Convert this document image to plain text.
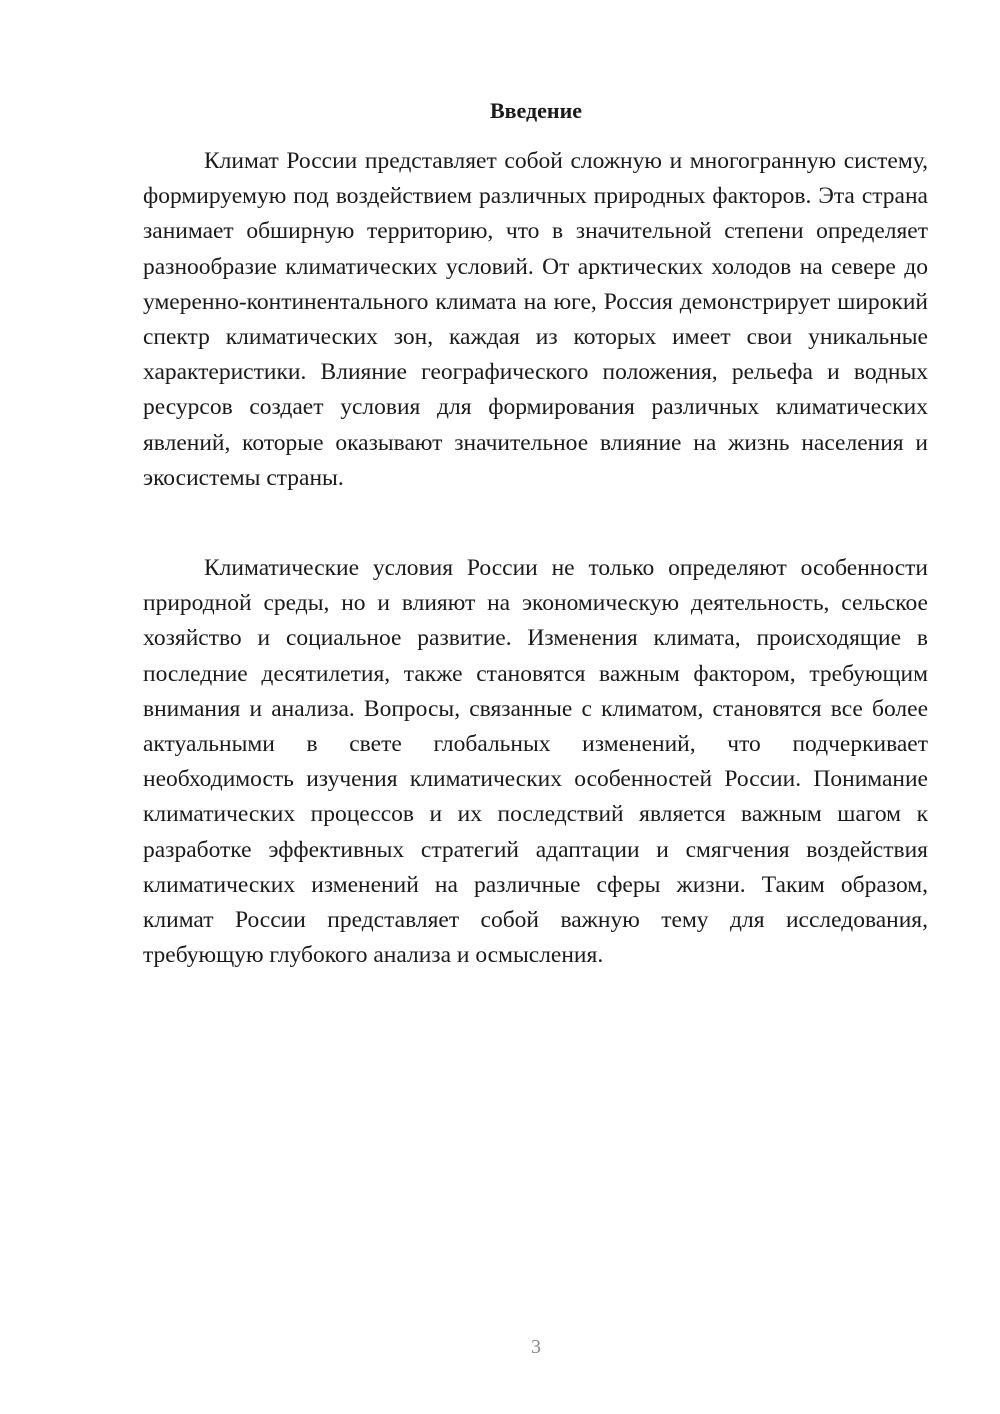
Введение

Климат России представляет собой сложную и многогранную систему, формируемую под воздействием различных природных факторов. Эта страна занимает обширную территорию, что в значительной степени определяет разнообразие климатических условий. От арктических холодов на севере до умеренно-континентального климата на юге, Россия демонстрирует широкий спектр климатических зон, каждая из которых имеет свои уникальные характеристики. Влияние географического положения, рельефа и водных ресурсов создает условия для формирования различных климатических явлений, которые оказывают значительное влияние на жизнь населения и экосистемы страны.

Климатические условия России не только определяют особенности природной среды, но и влияют на экономическую деятельность, сельское хозяйство и социальное развитие. Изменения климата, происходящие в последние десятилетия, также становятся важным фактором, требующим внимания и анализа. Вопросы, связанные с климатом, становятся все более актуальными в свете глобальных изменений, что подчеркивает необходимость изучения климатических особенностей России. Понимание климатических процессов и их последствий является важным шагом к разработке эффективных стратегий адаптации и смягчения воздействия климатических изменений на различные сферы жизни. Таким образом, климат России представляет собой важную тему для исследования, требующую глубокого анализа и осмысления.

3
